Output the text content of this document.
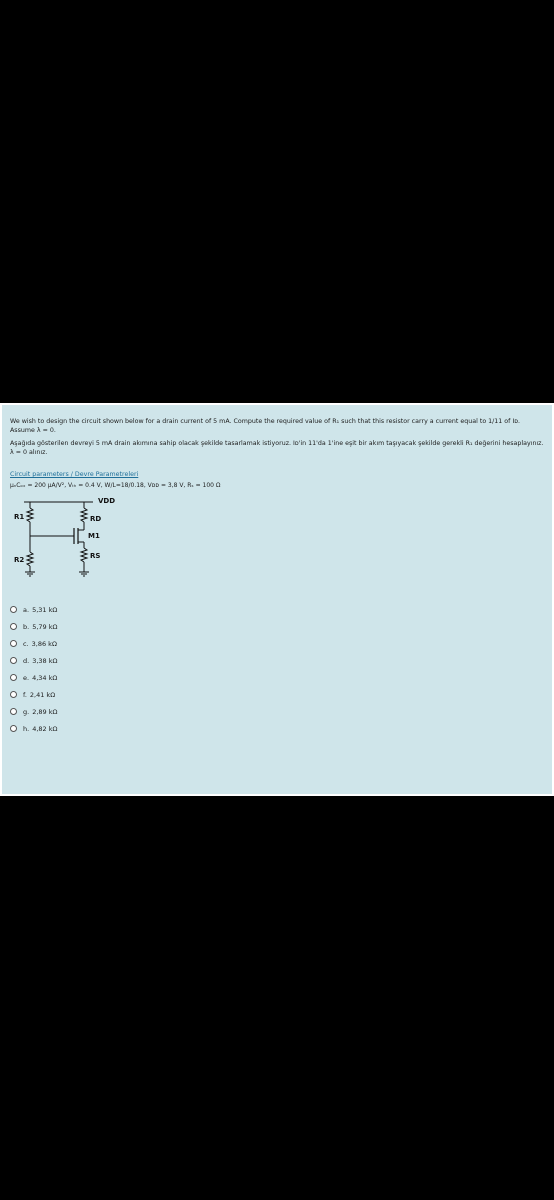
We wish to design the circuit shown below for a drain current of 5 mA. Compute the required value of R₁ such that this resistor carry a current equal to 1/11 of Iᴅ. Assume λ = 0.

Aşağıda gösterilen devreyi 5 mA drain akımına sahip olacak şekilde tasarlamak istiyoruz. Iᴅ'in 11'da 1'ine eşit bir akım taşıyacak şekilde gerekli R₁ değerini hesaplayınız. λ = 0 alınız.

Circuit parameters / Devre Parametreleri

μₙCₒₓ = 200 μA/V², Vₜₕ = 0.4 V, W/L=18/0.18, Vᴅᴅ = 3,8 V, Rₛ = 100 Ω

VDD
R1
R2
RD
M1
RS
a. 5,31 kΩ
b. 5,79 kΩ
c. 3,86 kΩ
d. 3,38 kΩ
e. 4,34 kΩ
f. 2,41 kΩ
g. 2,89 kΩ
h. 4,82 kΩ
